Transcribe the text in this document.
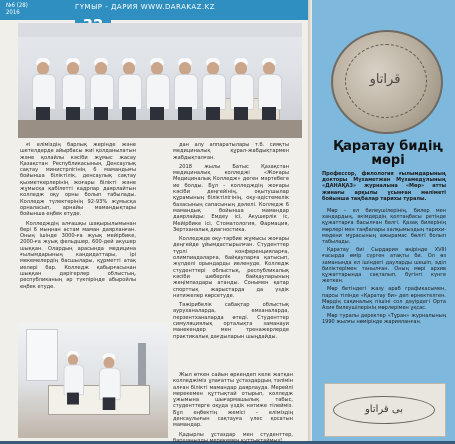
№6 (28)
2016
ГҮМЫР - ДАРИЯ WWW.DARAKAZ.KZ

ғі еліміздің барлық жерінде және шетелдерде айырбасы жиі қолданылатын және қолайлы кәсіби жұмыс жасау Қазақстан Республикасының Денсаулық сақтау министрлігінің 6 мамандығы бойынша біліктілік, денсаулық сақтау қызметкерлерінің жоғары білікті және жұмысқа қабілетті кадрлар даярлайтын колледж оқу орны болып табылады. Колледж түлектерінің 92-93% жұмысқа орналасып, арнайы мамандықтары бойынша еңбек етуде.

Колледждің алғашқы шақырылымынан бері 6 мыңнан астам маман даярланған. Оның ішінде 3000-ға жуық мейірбике, 2000-ға жуық фельдшер, 600-дей акушер шыққан. Олардың арасында медицина ғылымдарының кандидаттары, ірі мекемелердің басшылары, құрметті атақ иелері бар. Колледж қабырғасынан шыққан дәрігерлер облыстың, республиканың әр түкпірінде абыройлы еңбек етуде.

дан алу аппаратылары т.б. сияқты медициналық құрал-жабдықтармен жабдықталған.

2018 жылы Батыс Қазақстан медициналық колледжі «Жоғары Медициналық Колледж» деген мәртебеге ие болды. Бұл – колледждің жоғары кәсіби деңгейінің, оқытушылар құрамының біліктілігінің, оқу-әдістемелік базасының сапасының дәлелі. Колледж 6 мамандық бойынша мамандар даярлайды: Емдеу ісі, Акушерлік іс, Мейірбике ісі, Стоматология, Фармация, Зертханалық диагностика.

Колледжде оқу-тәрбие жұмысы жоғары деңгейде ұйымдастырылған. Студенттер түрлі конференцияларға, олимпиадаларға, байқауларға қатысып, жүлделі орындарды иеленуде. Колледж студенттері облыстық, республикалық кәсіби шеберлік байқауларының жеңімпаздары атанды. Сонымен қатар спорттық жарыстарда да үздік нәтижелер көрсетуде.

Тәжірибелік сабақтар облыстық ауруханаларда, емханаларда, перзентханаларда өтеді. Студенттер симуляциялық орталықта заманауи манекендер мен тренажерлерде практикалық дағдыларын шыңдайды.

Жыл өткен сайын өркендеп келе жатқан колледжіміз ұлағатты ұстаздардың тәлімін алған білікті мамандар даярлауда. Мерейлі мерекемен құттықтай отырып, колледж ұжымына шығармашылық табыс, студенттерге оқуда үздік нәтиже тілейміз. Бұл еңбектің жемісі – еліміздің денсаулығын сақтауға үлес қосатын мамандар.

Қадырлы ұстаздар мен студенттер, баршаңызды мерекемен құттықтаймыз!

ﻗﺮﺍﺗﺎﻭ
Қаратау бидің мөрі
Профессор, филология ғылымдарының докторы Мұхаметжан Мұхамедұлының «ДАНАҚАЗ» журналына «Мөр» атты жинағы арқылы ұсынған мәліметі бойынша таңбалар тарихы туралы.

Мөр – ел билеушілерінің, билер мен хандардың, әкімдердің қолтаңбасы ретінде құжаттарға басылған белгі. Қазақ билерінің мөрлері мен таңбалары халқымыздың тарихи-мәдени мұрасының ажырамас бөлігі болып табылады.

Қаратау биі Сырдария өңірінде XVIII ғасырда өмір сүрген атақты би. Ол өз заманында ел ішіндегі дауларды шешіп, әділ биліктерімен танылған. Оның мөрі архив құжаттарында сақталып, бүгінгі күнге жеткен.

Мөр бетіндегі жазу араб графикасымен, парсы тілінде «Қаратау би» деп өрнектелген. Мөрдің сақиналық пішіні сол дәуірдегі Орта Азия билеушілерінің мөрлерімен ұқсас.

Мөр туралы деректер «Тұран» журналының 1990 жылғы нөмірінде жарияланған.

ﺑﻰ ﻗﺮﺍﺗﺎﻭ
